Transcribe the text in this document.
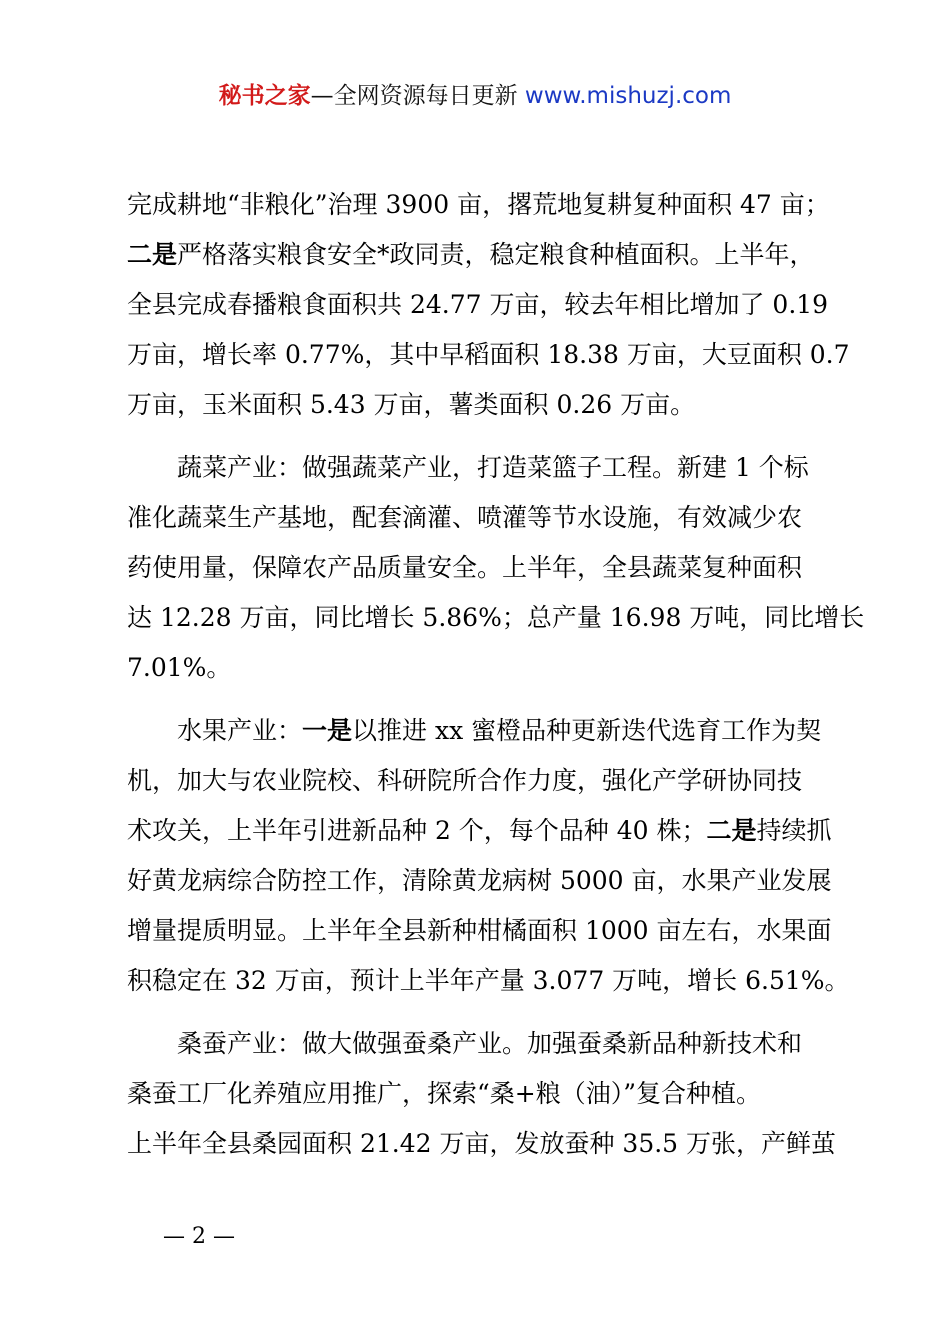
秘书之家—全网资源每日更新 www.mishuzj.com

完成耕地“非粮化”治理 3900 亩，撂荒地复耕复种面积 47 亩；
二是严格落实粮食安全*政同责，稳定粮食种植面积。上半年，
全县完成春播粮食面积共 24.77 万亩，较去年相比增加了 0.19
万亩，增长率 0.77%，其中早稻面积 18.38 万亩，大豆面积 0.7
万亩，玉米面积 5.43 万亩，薯类面积 0.26 万亩。

蔬菜产业：做强蔬菜产业，打造菜篮子工程。新建 1 个标
准化蔬菜生产基地，配套滴灌、喷灌等节水设施，有效减少农
药使用量，保障农产品质量安全。上半年，全县蔬菜复种面积
达 12.28 万亩，同比增长 5.86%；总产量 16.98 万吨，同比增长
7.01%。

水果产业：一是以推进 xx 蜜橙品种更新迭代选育工作为契
机，加大与农业院校、科研院所合作力度，强化产学研协同技
术攻关，上半年引进新品种 2 个，每个品种 40 株；二是持续抓
好黄龙病综合防控工作，清除黄龙病树 5000 亩，水果产业发展
增量提质明显。上半年全县新种柑橘面积 1000 亩左右，水果面
积稳定在 32 万亩，预计上半年产量 3.077 万吨，增长 6.51%。

桑蚕产业：做大做强蚕桑产业。加强蚕桑新品种新技术和
桑蚕工厂化养殖应用推广，探索“桑+粮（油）”复合种植。
上半年全县桑园面积 21.42 万亩，发放蚕种 35.5 万张，产鲜茧

— 2 —
